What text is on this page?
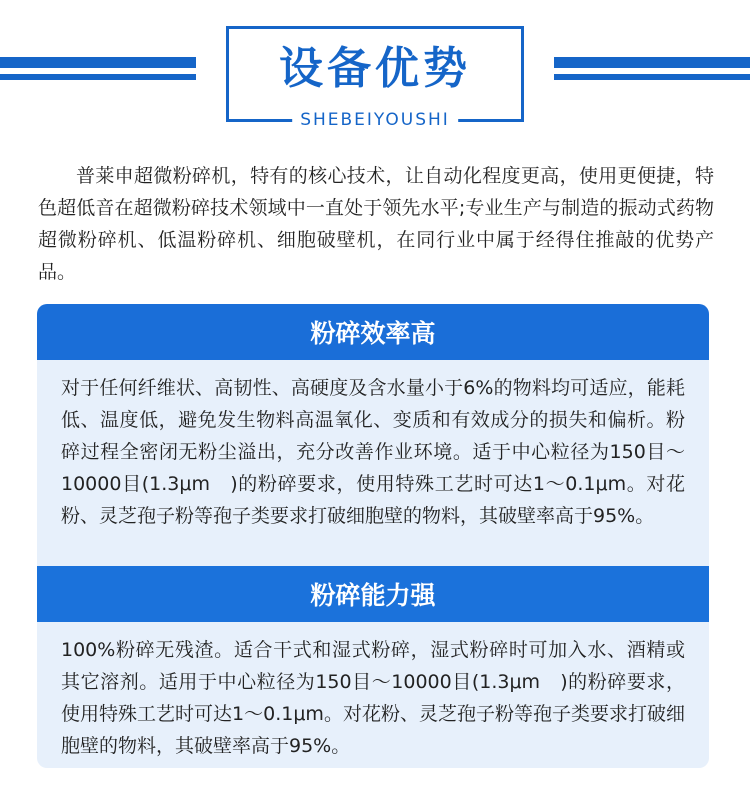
设备优势
SHEBEIYOUSHI

普莱申超微粉碎机，特有的核心技术，让自动化程度更高，使用更便捷，特色超低音在超微粉碎技术领域中一直处于领先水平;专业生产与制造的振动式药物超微粉碎机、低温粉碎机、细胞破壁机，在同行业中属于经得住推敲的优势产品。

粉碎效率高
对于任何纤维状、高韧性、高硬度及含水量小于6%的物料均可适应，能耗低、温度低，避免发生物料高温氧化、变质和有效成分的损失和偏析。粉碎过程全密闭无粉尘溢出，充分改善作业环境。适于中心粒径为150目～10000目(1.3μm　)的粉碎要求，使用特殊工艺时可达1～0.1μm。对花粉、灵芝孢子粉等孢子类要求打破细胞壁的物料，其破壁率高于95%。
粉碎能力强
100%粉碎无残渣。适合干式和湿式粉碎，湿式粉碎时可加入水、酒精或其它溶剂。适用于中心粒径为150目～10000目(1.3μm　)的粉碎要求，使用特殊工艺时可达1～0.1μm。对花粉、灵芝孢子粉等孢子类要求打破细胞壁的物料，其破壁率高于95%。
